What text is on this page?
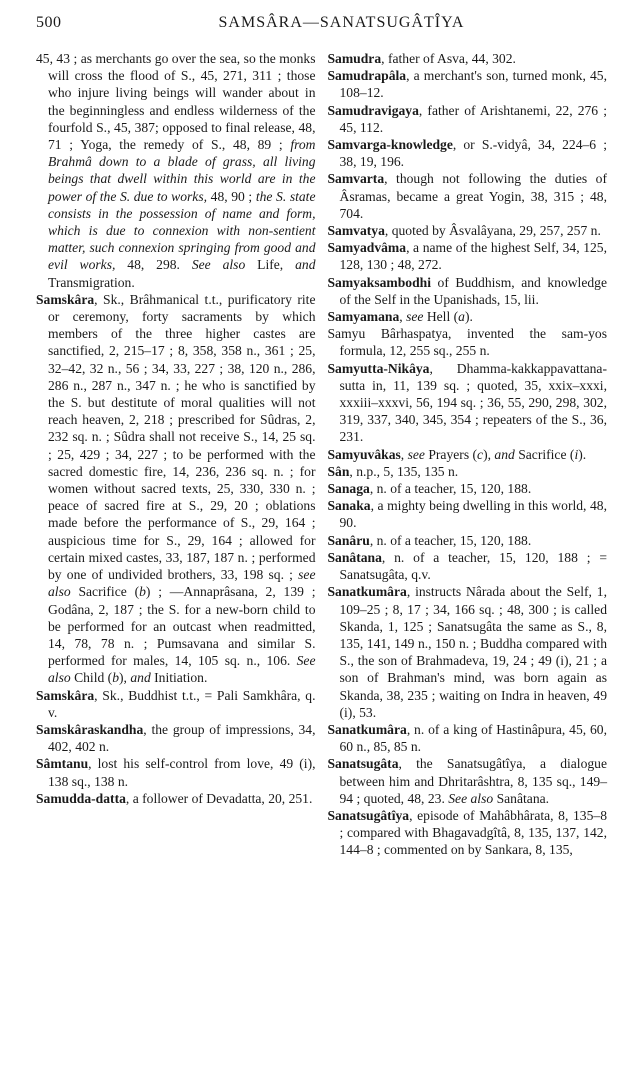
500	SAMSÂRA—SANATSUGÂTÎYA

45, 43 ; as merchants go over the sea, so the monks will cross the flood of S., 45, 271, 311 ; those who injure living beings will wander about in the beginningless and endless wilderness of the fourfold S., 45, 387; opposed to final release, 48, 71 ; Yoga, the remedy of S., 48, 89 ; from Brahmâ down to a blade of grass, all living beings that dwell within this world are in the power of the S. due to works, 48, 90 ; the S. state consists in the possession of name and form, which is due to connexion with non-sentient matter, such connexion springing from good and evil works, 48, 298. See also Life, and Transmigration.

Samskâra, Sk., Brâhmanical t.t., purificatory rite or ceremony, forty sacraments by which members of the three higher castes are sanctified, 2, 215–17 ; 8, 358, 358 n., 361 ; 25, 32–42, 32 n., 56 ; 34, 33, 227 ; 38, 120 n., 286, 286 n., 287 n., 347 n. ; he who is sanctified by the S. but destitute of moral qualities will not reach heaven, 2, 218 ; prescribed for Sûdras, 2, 232 sq. n. ; Sûdra shall not receive S., 14, 25 sq. ; 25, 429 ; 34, 227 ; to be performed with the sacred domestic fire, 14, 236, 236 sq. n. ; for women without sacred texts, 25, 330, 330 n. ; peace of sacred fire at S., 29, 20 ; oblations made before the performance of S., 29, 164 ; auspicious time for S., 29, 164 ; allowed for certain mixed castes, 33, 187, 187 n. ; performed by one of undivided brothers, 33, 198 sq. ; see also Sacrifice (b) ; —Annaprâsana, 2, 139 ; Godâna, 2, 187 ; the S. for a new-born child to be performed for an outcast when readmitted, 14, 78, 78 n. ; Pumsavana and similar S. performed for males, 14, 105 sq. n., 106. See also Child (b), and Initiation.

Samskâra, Sk., Buddhist t.t., = Pali Samkhâra, q. v.

Samskâraskandha, the group of impressions, 34, 402, 402 n.

Sâmtanu, lost his self-control from love, 49 (i), 138 sq., 138 n.

Samudda-datta, a follower of Devadatta, 20, 251.

Samudra, father of Asva, 44, 302.

Samudrapâla, a merchant's son, turned monk, 45, 108–12.

Samudravigaya, father of Arishtanemi, 22, 276 ; 45, 112.

Samvarga-knowledge, or S.-vidyâ, 34, 224–6 ; 38, 19, 196.

Samvarta, though not following the duties of Âsramas, became a great Yogin, 38, 315 ; 48, 704.

Samvatya, quoted by Âsvalâyana, 29, 257, 257 n.

Samyadvâma, a name of the highest Self, 34, 125, 128, 130 ; 48, 272.

Samyaksambodhi of Buddhism, and knowledge of the Self in the Upanishads, 15, lii.

Samyamana, see Hell (a).

Samyu Bârhaspatya, invented the sam-yos formula, 12, 255 sq., 255 n.

Samyutta-Nikâya, Dhamma-kakkappavattana-sutta in, 11, 139 sq. ; quoted, 35, xxix–xxxi, xxxiii–xxxvi, 56, 194 sq. ; 36, 55, 290, 298, 302, 319, 337, 340, 345, 354 ; repeaters of the S., 36, 231.

Samyuvâkas, see Prayers (c), and Sacrifice (i).

Sân, n.p., 5, 135, 135 n.

Sanaga, n. of a teacher, 15, 120, 188.

Sanaka, a mighty being dwelling in this world, 48, 90.

Sanâru, n. of a teacher, 15, 120, 188.

Sanâtana, n. of a teacher, 15, 120, 188 ; = Sanatsugâta, q.v.

Sanatkumâra, instructs Nârada about the Self, 1, 109–25 ; 8, 17 ; 34, 166 sq. ; 48, 300 ; is called Skanda, 1, 125 ; Sanatsugâta the same as S., 8, 135, 141, 149 n., 150 n. ; Buddha compared with S., the son of Brahmadeva, 19, 24 ; 49 (i), 21 ; a son of Brahman's mind, was born again as Skanda, 38, 235 ; waiting on Indra in heaven, 49 (i), 53.

Sanatkumâra, n. of a king of Hastinâpura, 45, 60, 60 n., 85, 85 n.

Sanatsugâta, the Sanatsugâtîya, a dialogue between him and Dhritarâshtra, 8, 135 sq., 149–94 ; quoted, 48, 23. See also Sanâtana.

Sanatsugâtîya, episode of Mahâbhârata, 8, 135–8 ; compared with Bhagavadgîtâ, 8, 135, 137, 142, 144–8 ; commented on by Sankara, 8, 135,
